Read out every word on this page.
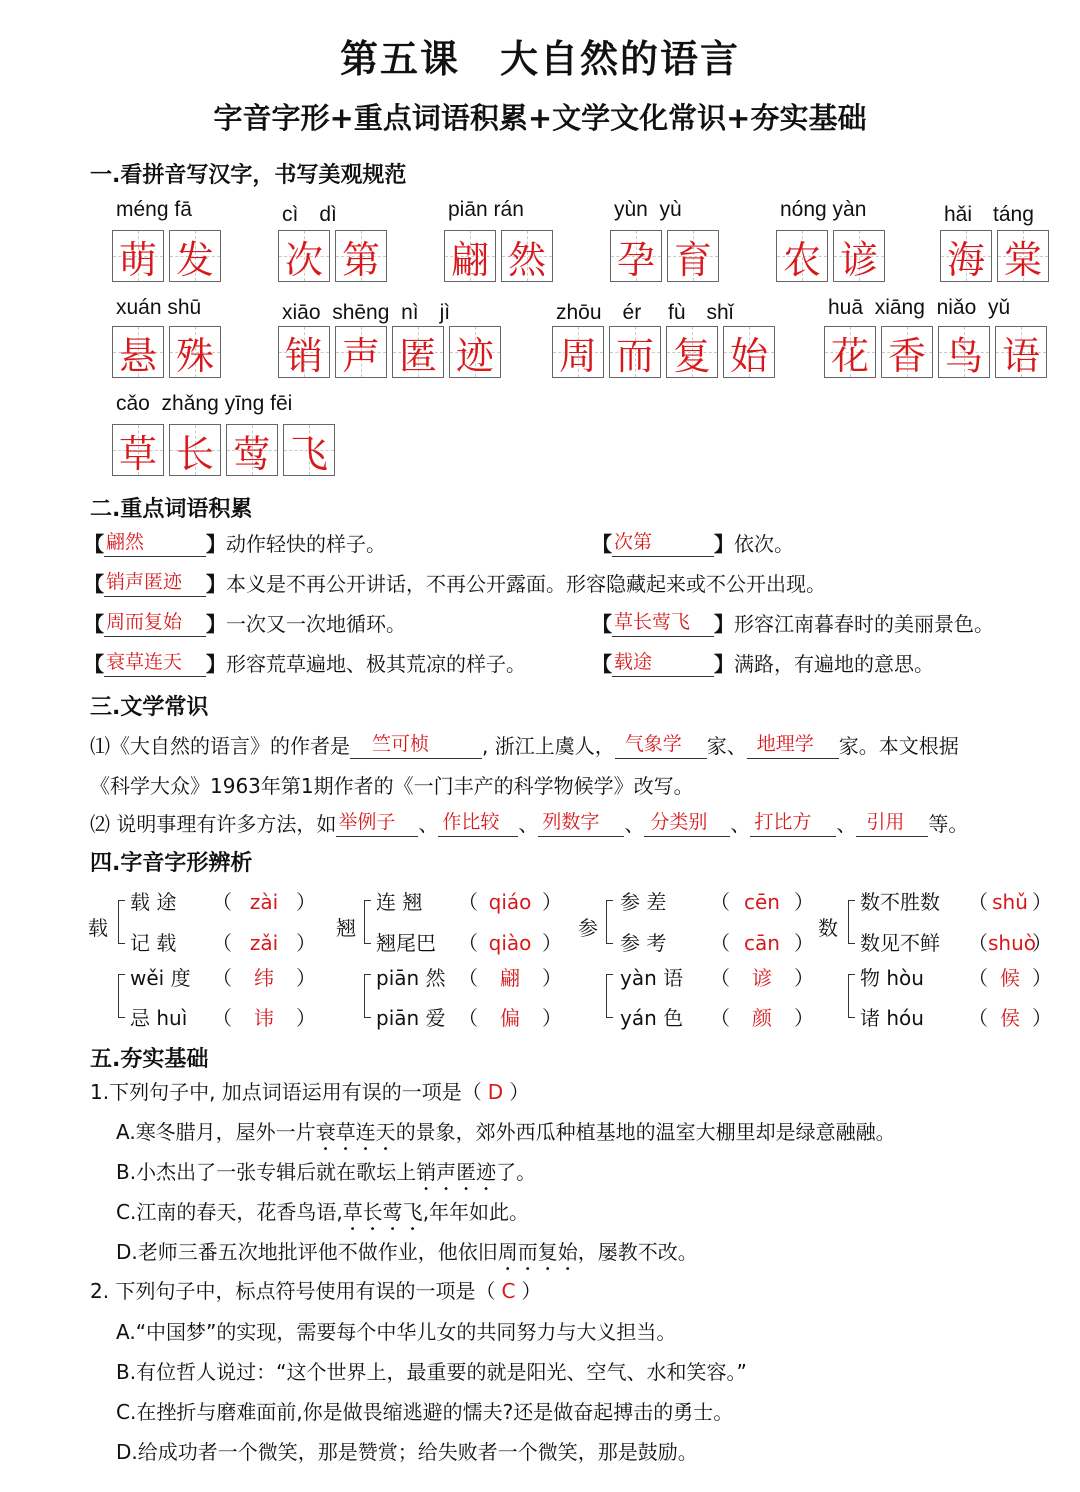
第五课　大自然的语言
字音字形+重点词语积累+文学文化常识+夯实基础
一.看拼音写汉字，书写美观规范
méng fā
萌 发
cì　dì
次 第
piān rán
翩 然
yùn  yù
孕 育
nóng yàn
农 谚
hǎi　táng
海 棠
xuán shū
悬 殊
xiāo  shēng  nì　jì
销 声 匿 迹
zhōu　ér　 fù　shǐ
周 而 复 始
huā  xiāng  niǎo  yǔ
花 香 鸟 语
cǎo  zhǎng yīng fēi
草 长 莺 飞
二.重点词语积累
【 翩然	】动作轻快的样子。	【 次第	】依次。
【 销声匿迹 】本义是不再公开讲话，不再公开露面。形容隐藏起来或不公开出现。
【 周而复始 】一次又一次地循环。	【 草长莺飞 】形容江南暮春时的美丽景色。
【 衰草连天 】形容荒草遍地、极其荒凉的样子。	【 载途	】满路，有遍地的意思。
三.文学常识
⑴《大自然的语言》的作者是 竺可桢	, 浙江上虞人， 气象学 家、 地理学 家。本文根据
《科学大众》1963年第1期作者的《一门丰产的科学物候学》改写。
⑵ 说明事理有许多方法，如 举例子 、 作比较 、 列数字 、 分类别 、 打比方 、 引用 等。
四.字音字形辨析
载
载 途 （ zài ）
记 载 （ zǎi ）
翘
连 翘 （ qiáo ）
翘尾巴 （ qiào ）
参
参 差 （ cēn ）
参 考 （ cān ）
数
数不胜数 （ shǔ ）
数见不鲜 （shuò）
wěi 度 （ 纬 ）
忌 huì （ 讳 ）
piān 然 （ 翩 ）
piān 爱 （ 偏 ）
yàn 语 （ 谚 ）
yán 色 （ 颜 ）
物 hòu （ 候 ）
诸 hóu （ 侯 ）
五.夯实基础
1.下列句子中, 加点词语运用有误的一项是（ D ）
A.寒冬腊月，屋外一片衰草连天的景象，郊外西瓜种植基地的温室大棚里却是绿意融融。
B.小杰出了一张专辑后就在歌坛上销声匿迹了。
C.江南的春天，花香鸟语,草长莺飞,年年如此。
D.老师三番五次地批评他不做作业，他依旧周而复始，屡教不改。
2. 下列句子中，标点符号使用有误的一项是（ C ）
A.“中国梦”的实现，需要每个中华儿女的共同努力与大义担当。
B.有位哲人说过：“这个世界上，最重要的就是阳光、空气、水和笑容。”
C.在挫折与磨难面前,你是做畏缩逃避的懦夫?还是做奋起搏击的勇士。
D.给成功者一个微笑，那是赞赏；给失败者一个微笑，那是鼓励。
